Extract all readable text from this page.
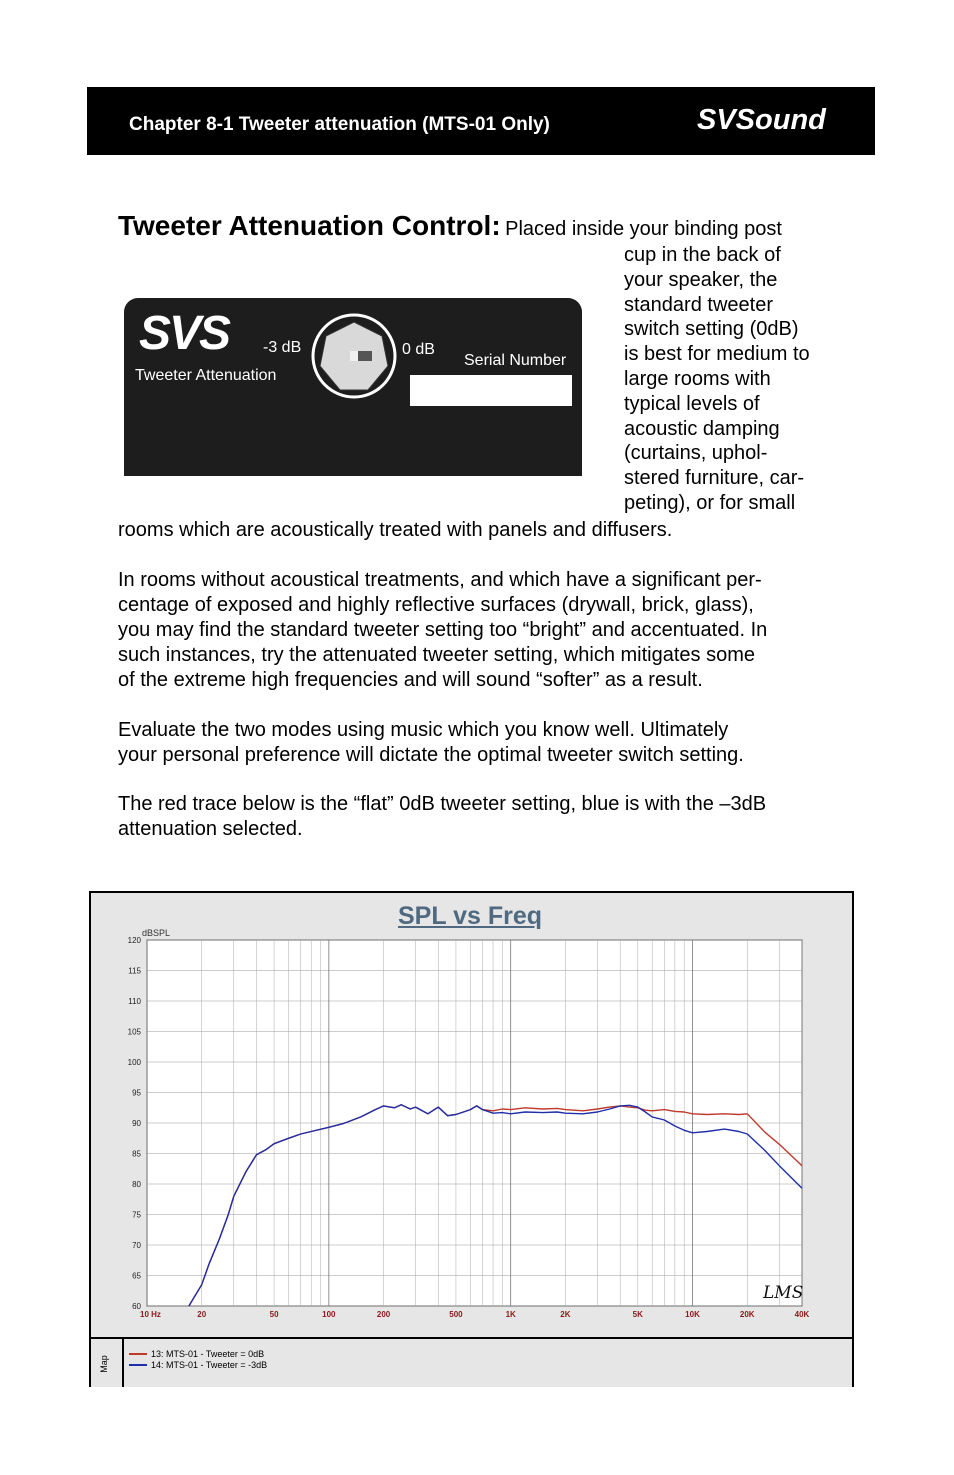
Chapter 8-1 Tweeter attenuation (MTS-01 Only)	SVSound
Tweeter Attenuation Control: Placed inside your binding post
cup in the back of
your speaker, the
standard tweeter
switch setting (0dB)
is best for medium to
large rooms with
typical levels of
acoustic damping
(curtains, uphol-
stered furniture, car-
peting), or for small
SVS -3 dB
Tweeter Attenuation
0 dB
Serial Number
rooms which are acoustically treated with panels and diffusers.
In rooms without acoustical treatments, and which have a significant per-
centage of exposed and highly reflective surfaces (drywall, brick, glass),
you may find the standard tweeter setting too “bright” and accentuated. In
such instances, try the attenuated tweeter setting, which mitigates some
of the extreme high frequencies and will sound “softer” as a result.
Evaluate the two modes using music which you know well. Ultimately
your personal preference will dictate the optimal tweeter switch setting.
The red trace below is the “flat” 0dB tweeter setting, blue is with the –3dB
attenuation selected.
SPL vs Freq
120
115
110
105
100
95
90
85
80
75
70
65
60
10 Hz	20	50	100	200	500	1K	2K	5K	10K	20K	40K
dBSPL
LMS
Map
13: MTS-01 - Tweeter = 0dB
14: MTS-01 - Tweeter = -3dB
